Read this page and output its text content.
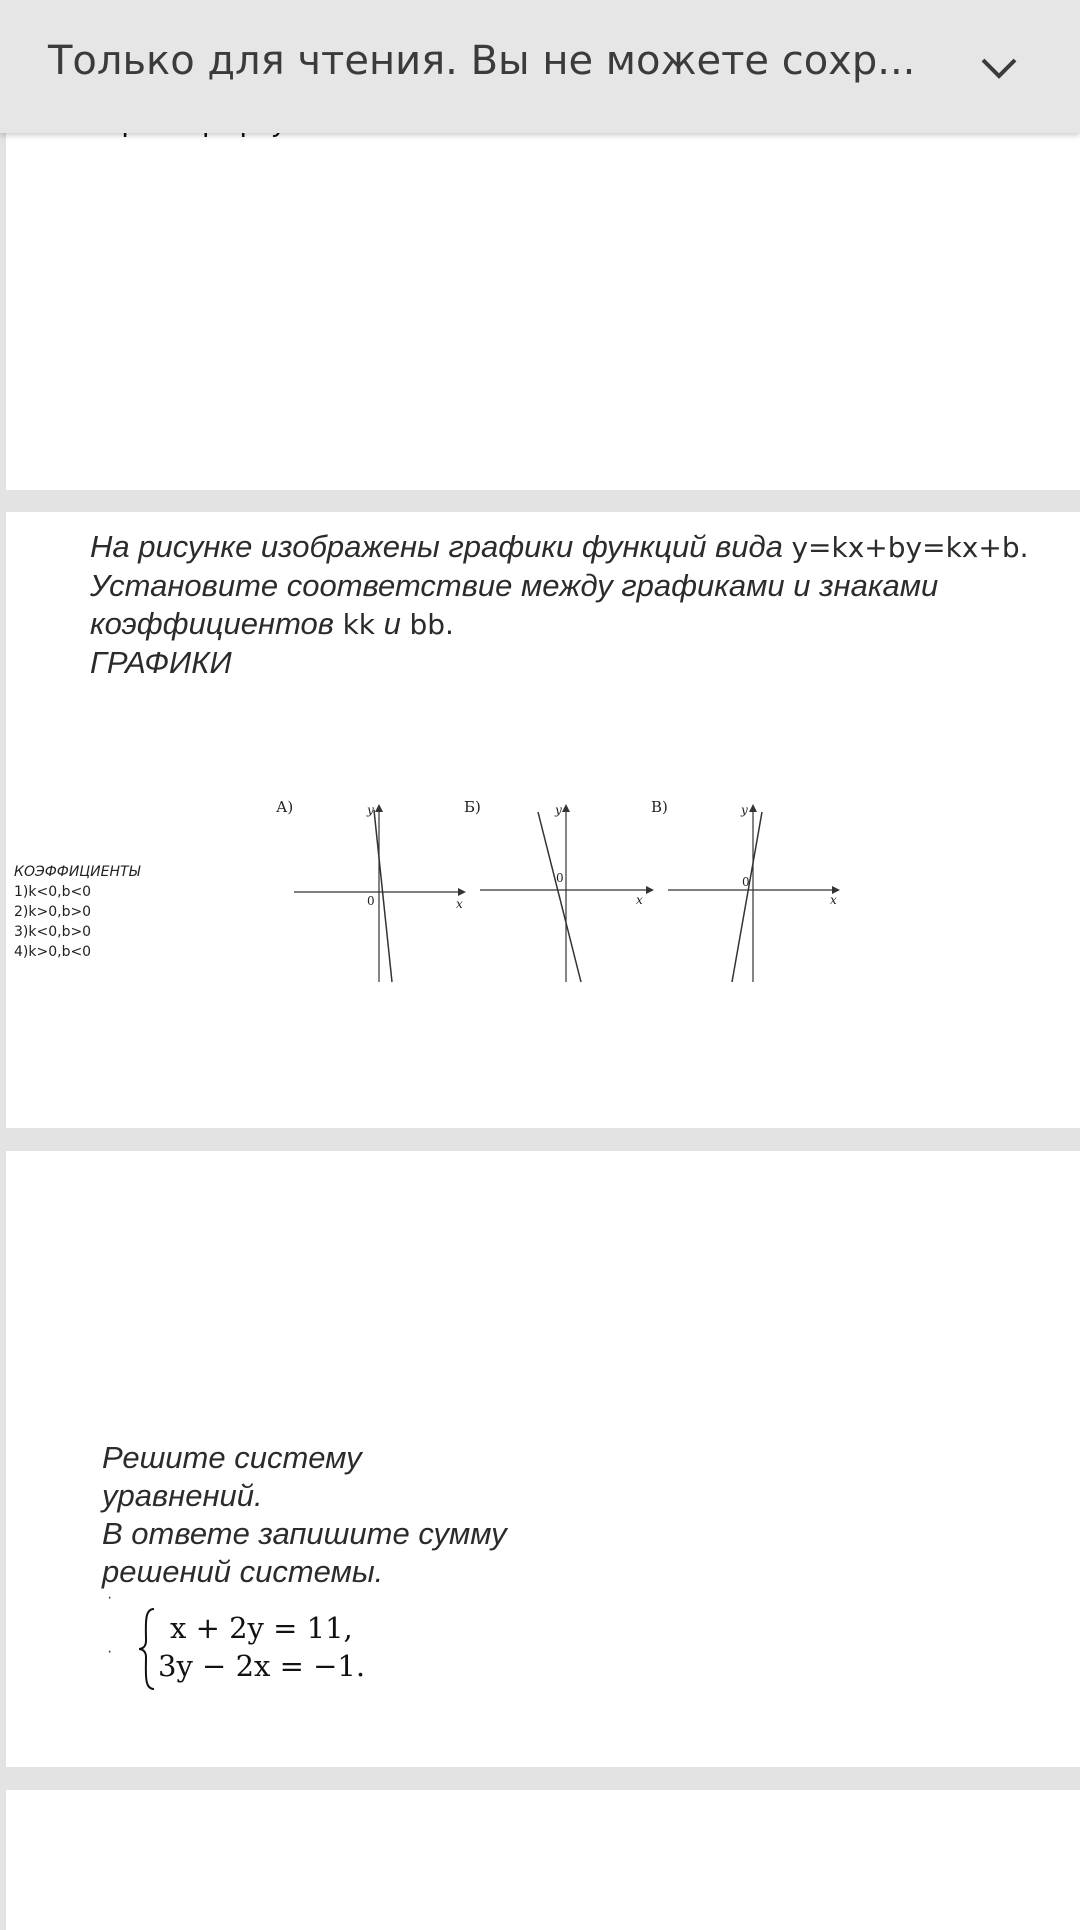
Только для чтения. Вы не можете сохр...
На рисунке изображены графики функций вида y=kx+by=kx+b.
Установите соответствие между графиками и знаками
коэффициентов kk и bb.
ГРАФИКИ
КОЭФФИЦИЕНТЫ
1)k<0,b<0
2)k>0,b>0
3)k<0,b>0
4)k>0,b<0
А)	y
x
0
Б)	y
x
0
В)	y
x
0
Решите систему
уравнений.
В ответе запишите сумму
решений системы.
·
·
x + 2y = 11,
3y − 2x = −1.
